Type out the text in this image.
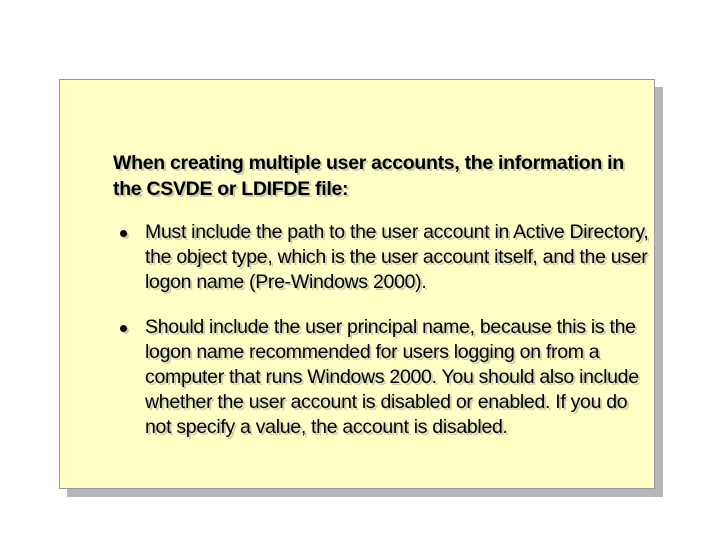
When creating multiple user accounts, the information in the CSVDE or LDIFDE file:

Must include the path to the user account in Active Directory, the object type, which is the user account itself, and the user logon name (Pre-Windows 2000).
Should include the user principal name, because this is the logon name recommended for users logging on from a computer that runs Windows 2000. You should also include whether the user account is disabled or enabled. If you do not specify a value, the account is disabled.
